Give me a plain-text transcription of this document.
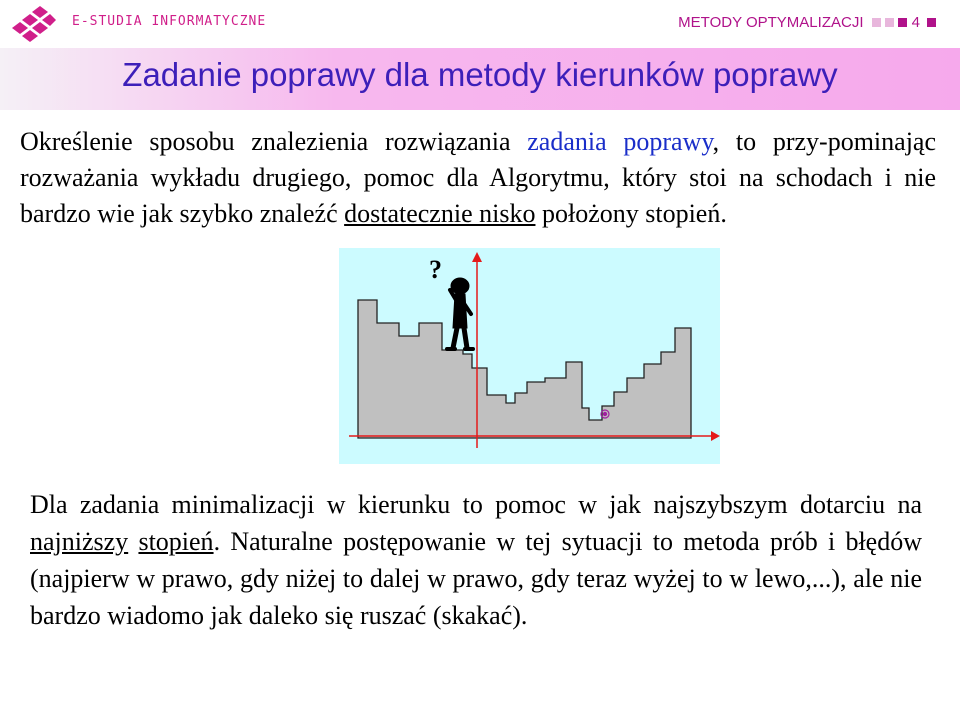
E-STUDIA INFORMATYCZNE	METODY OPTYMALIZACJI	4
Zadanie poprawy dla metody kierunków poprawy
Określenie sposobu znalezienia rozwiązania zadania poprawy, to przy-pominając rozważania wykładu drugiego, pomoc dla Algorytmu, który stoi na schodach i nie bardzo wie jak szybko znaleźć dostatecznie nisko położony stopień.
?
Dla zadania minimalizacji w kierunku to pomoc w jak najszybszym dotarciu na najniższy stopień. Naturalne postępowanie w tej sytuacji to metoda prób i błędów (najpierw w prawo, gdy niżej to dalej w prawo, gdy teraz wyżej to w lewo,...), ale nie bardzo wiadomo jak daleko się ruszać (skakać).
